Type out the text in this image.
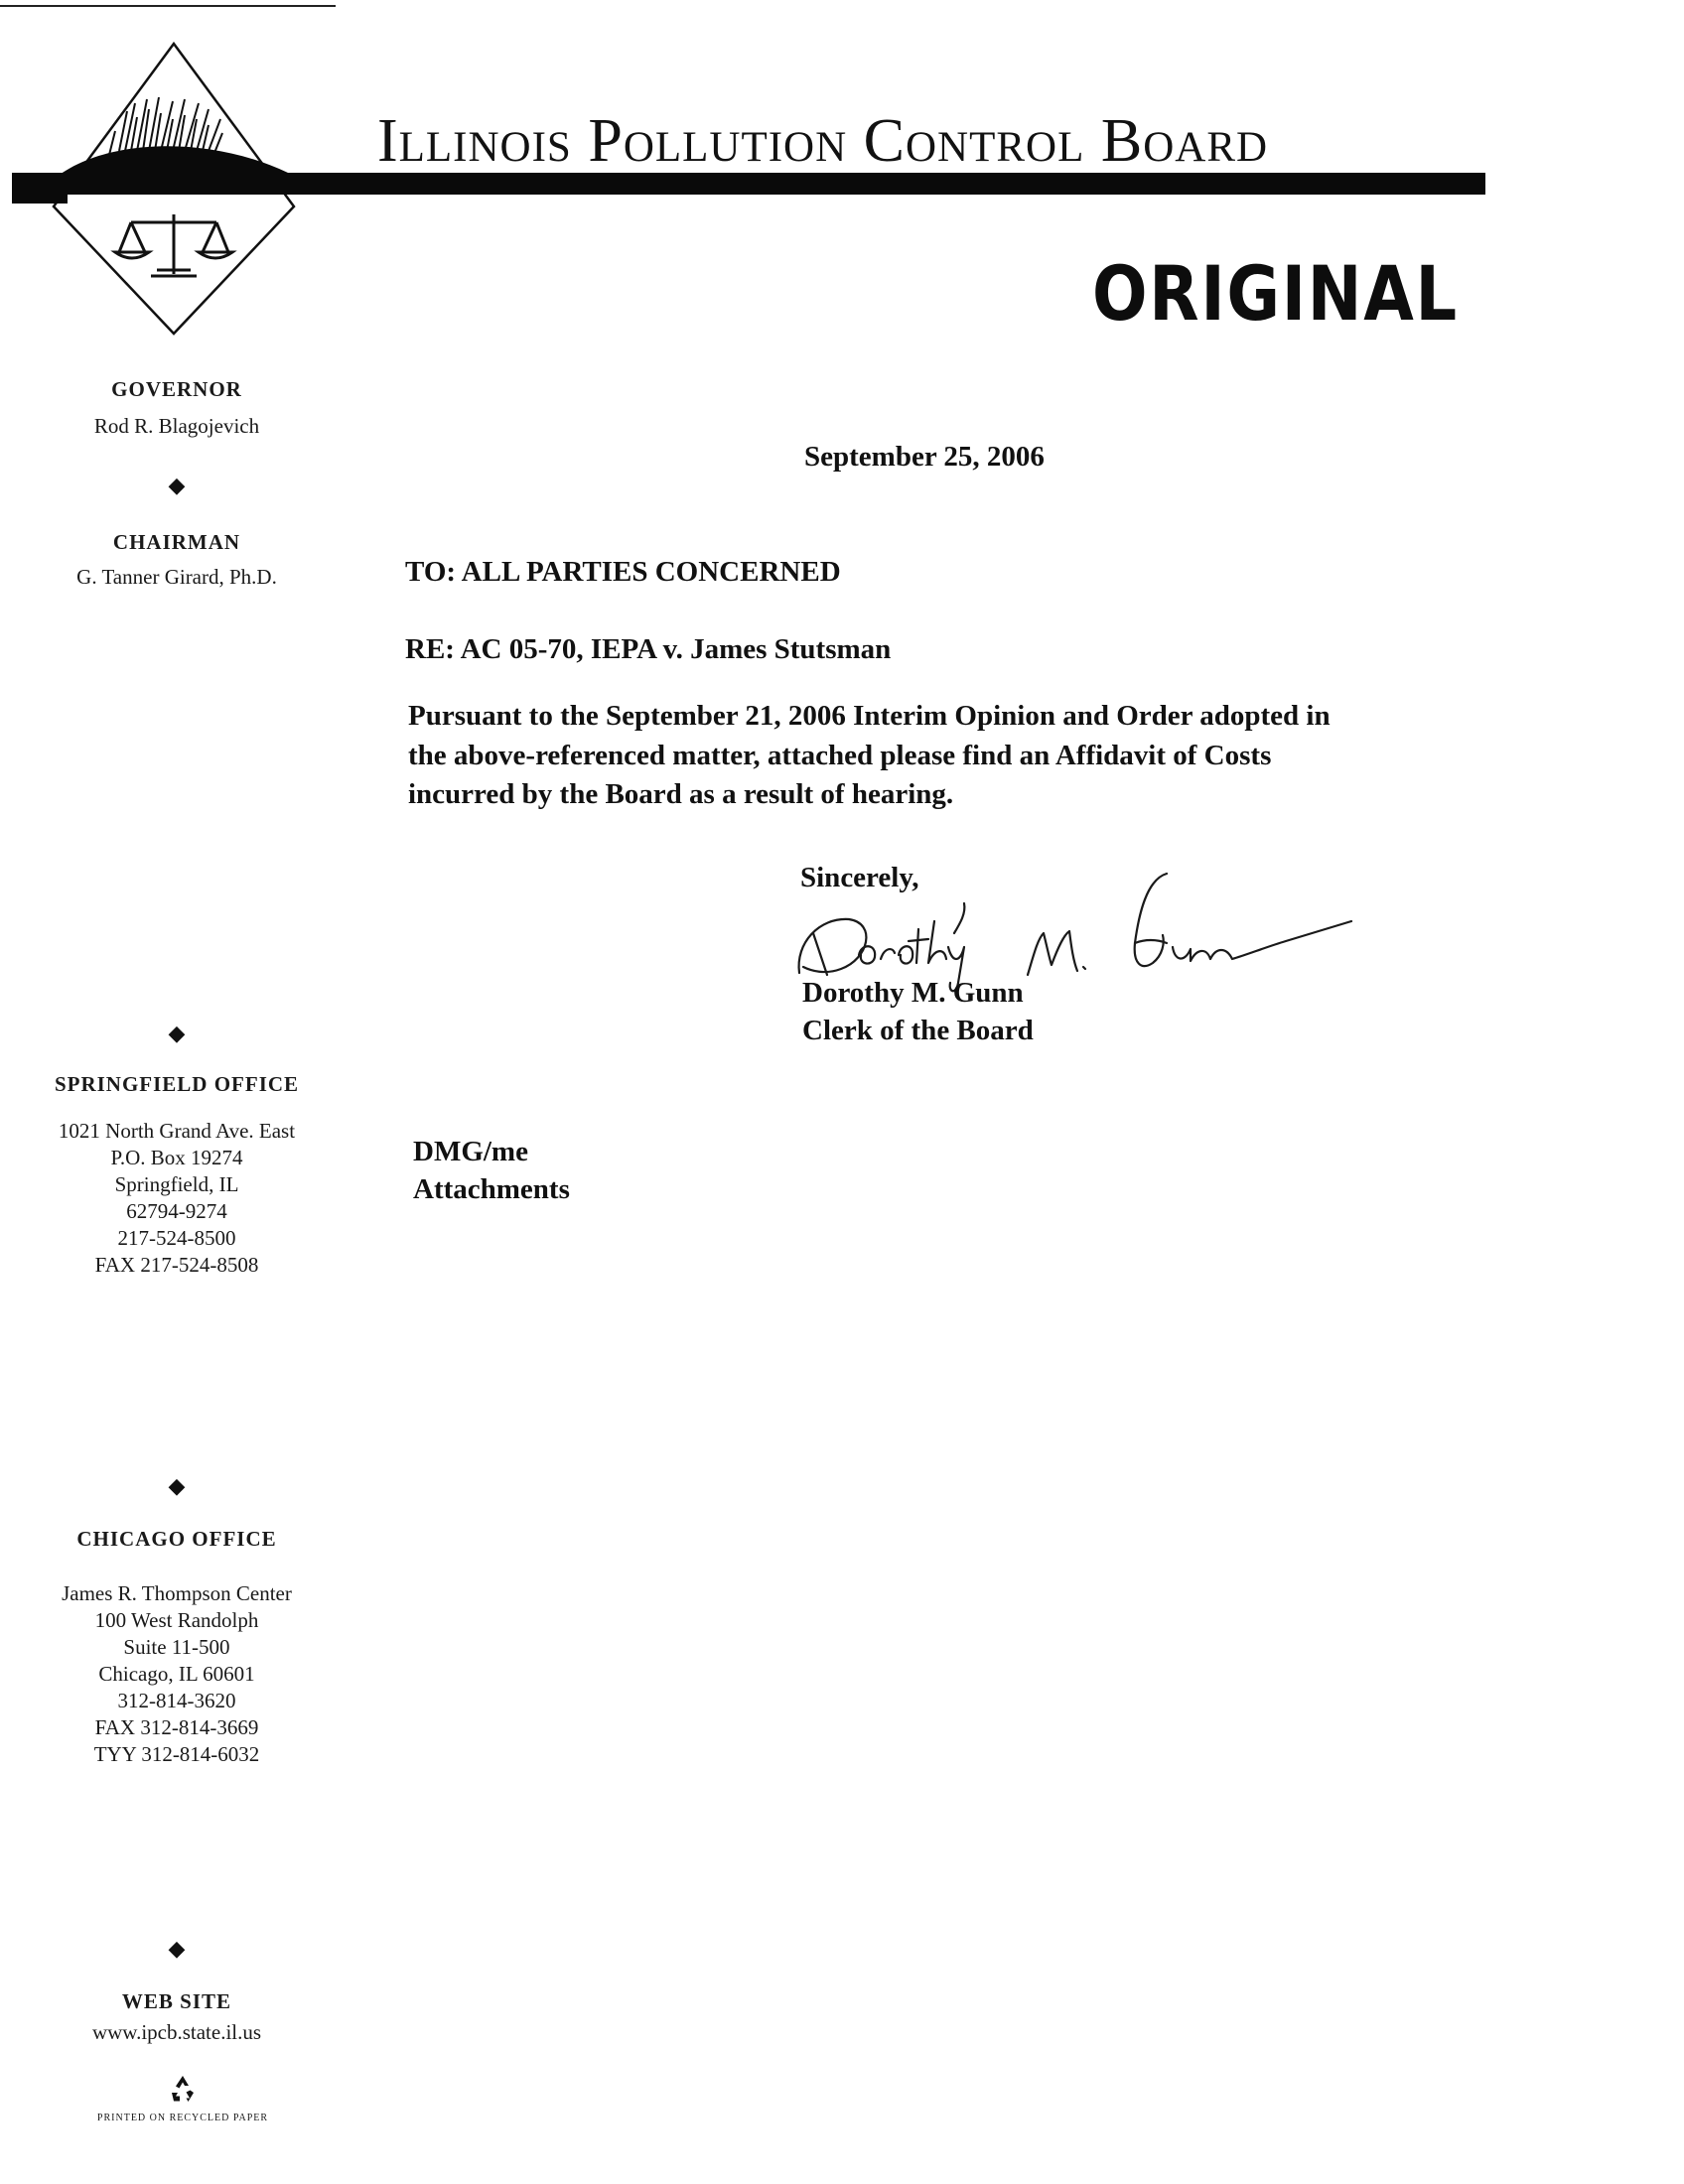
Illinois Pollution Control Board
ORIGINAL
GOVERNOR
Rod R. Blagojevich
◆
CHAIRMAN
G. Tanner Girard, Ph.D.
◆
SPRINGFIELD OFFICE
1021 North Grand Ave. East
P.O. Box 19274
Springfield, IL
62794-9274
217-524-8500
FAX 217-524-8508
◆
CHICAGO OFFICE
James R. Thompson Center
100 West Randolph
Suite 11-500
Chicago, IL 60601
312-814-3620
FAX 312-814-3669
TYY 312-814-6032
◆
WEB SITE
www.ipcb.state.il.us
PRINTED ON RECYCLED PAPER
September 25, 2006
TO: ALL PARTIES CONCERNED
RE: AC 05-70, IEPA v. James Stutsman
Pursuant to the September 21, 2006 Interim Opinion and Order adopted in
the above-referenced matter, attached please find an Affidavit of Costs
incurred by the Board as a result of hearing.
Sincerely,
Dorothy M. Gunn
Clerk of the Board
DMG/me
Attachments
